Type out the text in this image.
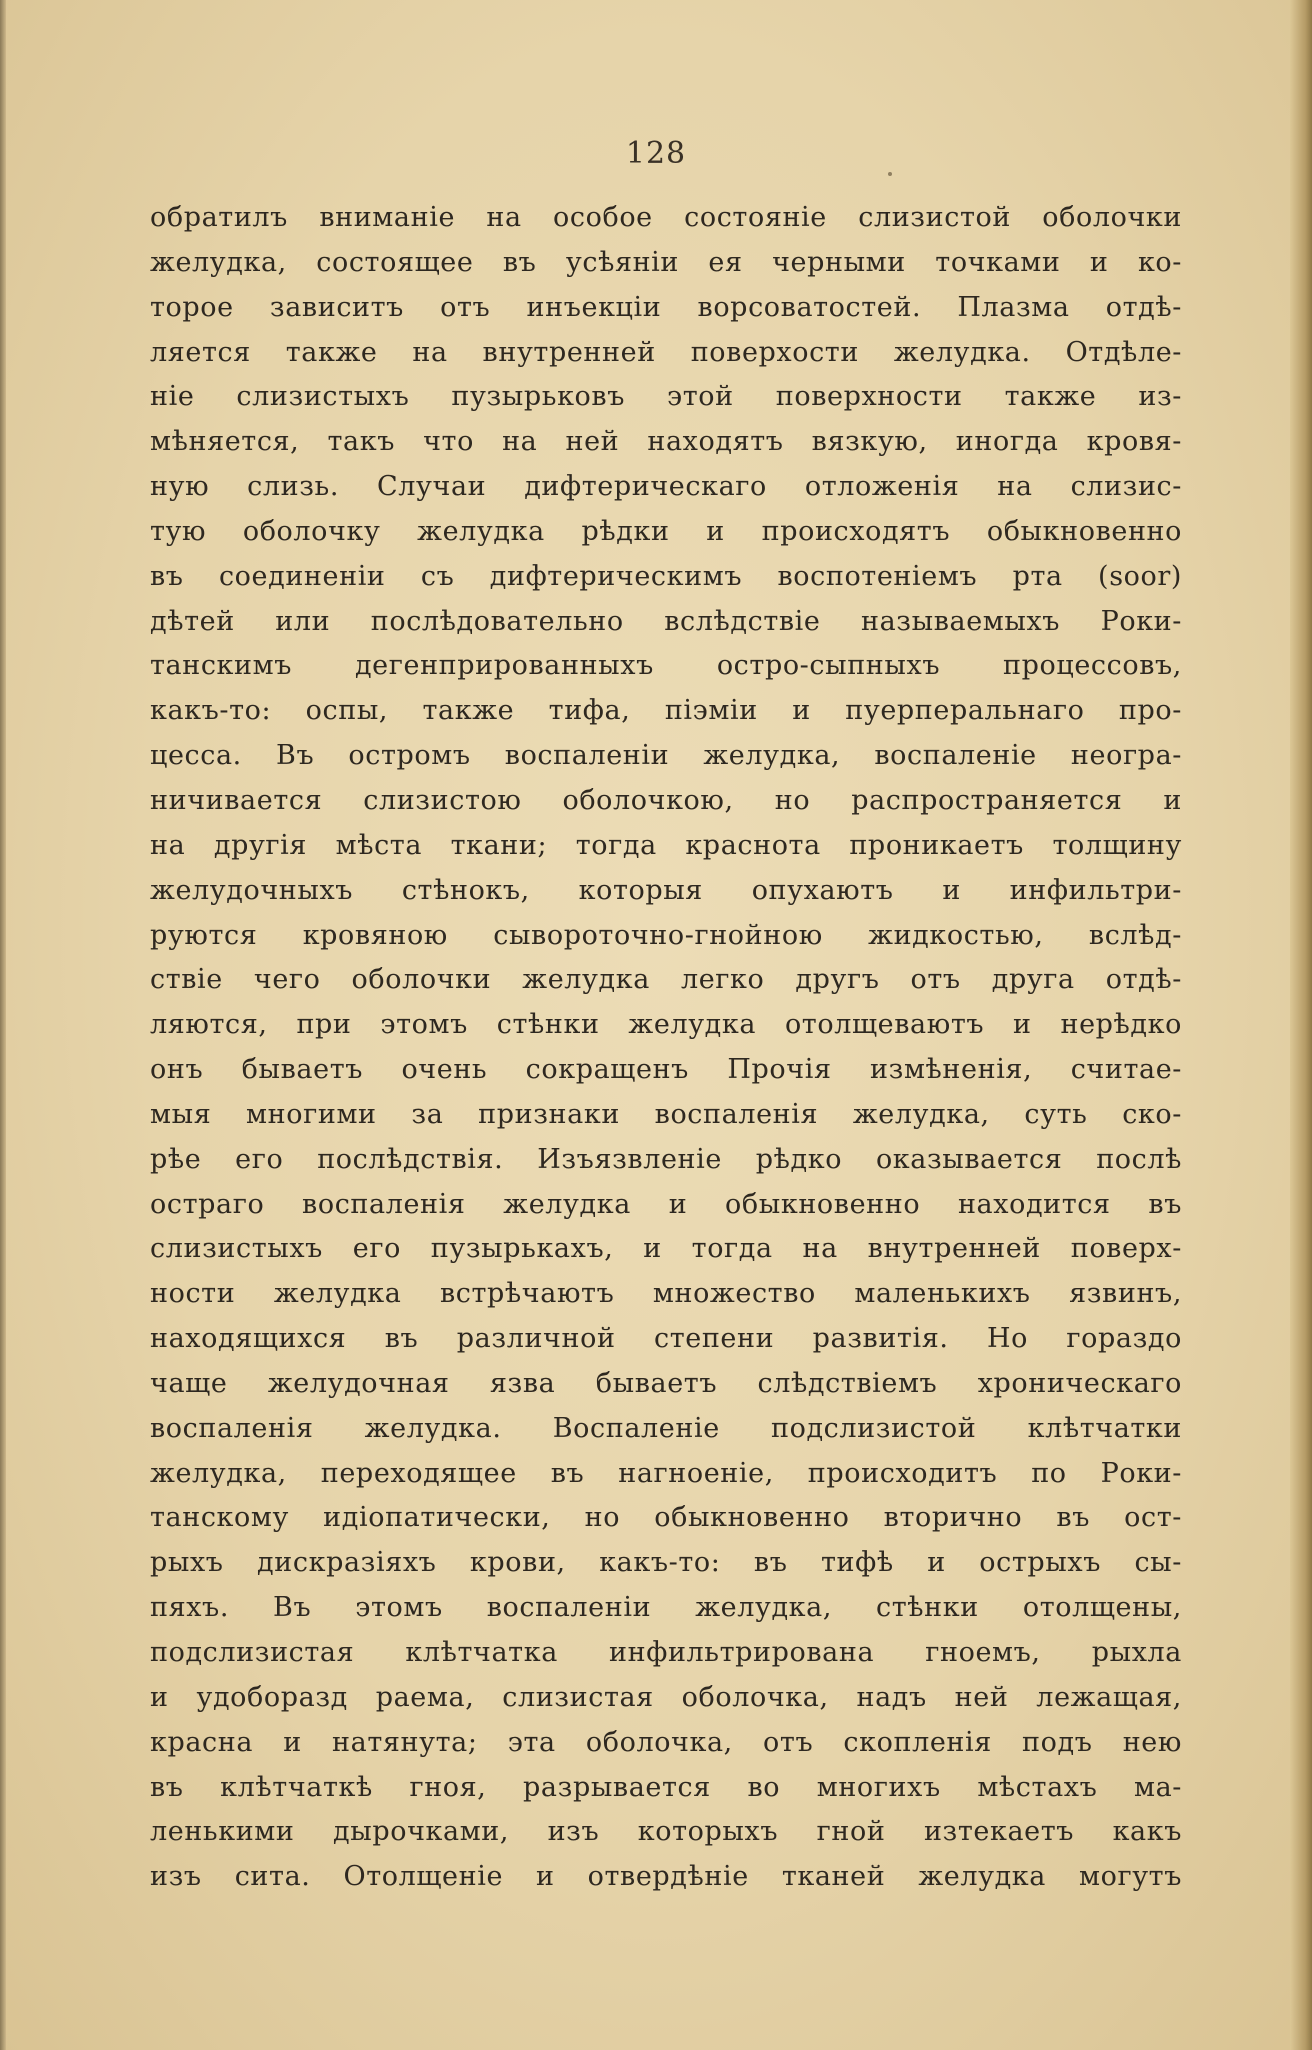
128
обратилъ вниманіе на особое состояніе слизистой оболочки
желудка, состоящее въ усѣяніи ея черными точками и ко-
торое зависитъ отъ инъекціи ворсоватостей. Плазма отдѣ-
ляется также на внутренней поверхости желудка. Отдѣле-
ніе слизистыхъ пузырьковъ этой поверхности также из-
мѣняется, такъ что на ней находятъ вязкую, иногда кровя-
ную слизь. Случаи дифтерическаго отложенія на слизис-
тую оболочку желудка рѣдки и происходятъ обыкновенно
въ соединеніи съ дифтерическимъ воспотеніемъ рта (soor)
дѣтей или послѣдовательно вслѣдствіе называемыхъ Роки-
танскимъ дегенпрированныхъ остро-сыпныхъ процессовъ,
какъ-то: оспы, также тифа, піэміи и пуерперальнаго про-
цесса. Въ остромъ воспаленіи желудка, воспаленіе неогра-
ничивается слизистою оболочкою, но распространяется и
на другія мѣста ткани; тогда краснота проникаетъ толщину
желудочныхъ стѣнокъ, которыя опухаютъ и инфильтри-
руются кровяною сывороточно-гнойною жидкостью, вслѣд-
ствіе чего оболочки желудка легко другъ отъ друга отдѣ-
ляются, при этомъ стѣнки желудка отолщеваютъ и нерѣдко
онъ бываетъ очень сокращенъ Прочія измѣненія, считае-
мыя многими за признаки воспаленія желудка, суть ско-
рѣе его послѣдствія. Изъязвленіе рѣдко оказывается послѣ
остраго воспаленія желудка и обыкновенно находится въ
слизистыхъ его пузырькахъ, и тогда на внутренней поверх-
ности желудка встрѣчаютъ множество маленькихъ язвинъ,
находящихся въ различной степени развитія. Но гораздо
чаще желудочная язва бываетъ слѣдствіемъ хроническаго
воспаленія желудка. Воспаленіе подслизистой клѣтчатки
желудка, переходящее въ нагноеніе, происходитъ по Роки-
танскому идіопатически, но обыкновенно вторично въ ост-
рыхъ дискразіяхъ крови, какъ-то: въ тифѣ и острыхъ сы-
пяхъ. Въ этомъ воспаленіи желудка, стѣнки отолщены,
подслизистая клѣтчатка инфильтрирована гноемъ, рыхла
и удоборазд раема, слизистая оболочка, надъ ней лежащая,
красна и натянута; эта оболочка, отъ скопленія подъ нею
въ клѣтчаткѣ гноя, разрывается во многихъ мѣстахъ ма-
ленькими дырочками, изъ которыхъ гной изтекаетъ какъ
изъ сита. Отолщеніе и отвердѣніе тканей желудка могутъ
